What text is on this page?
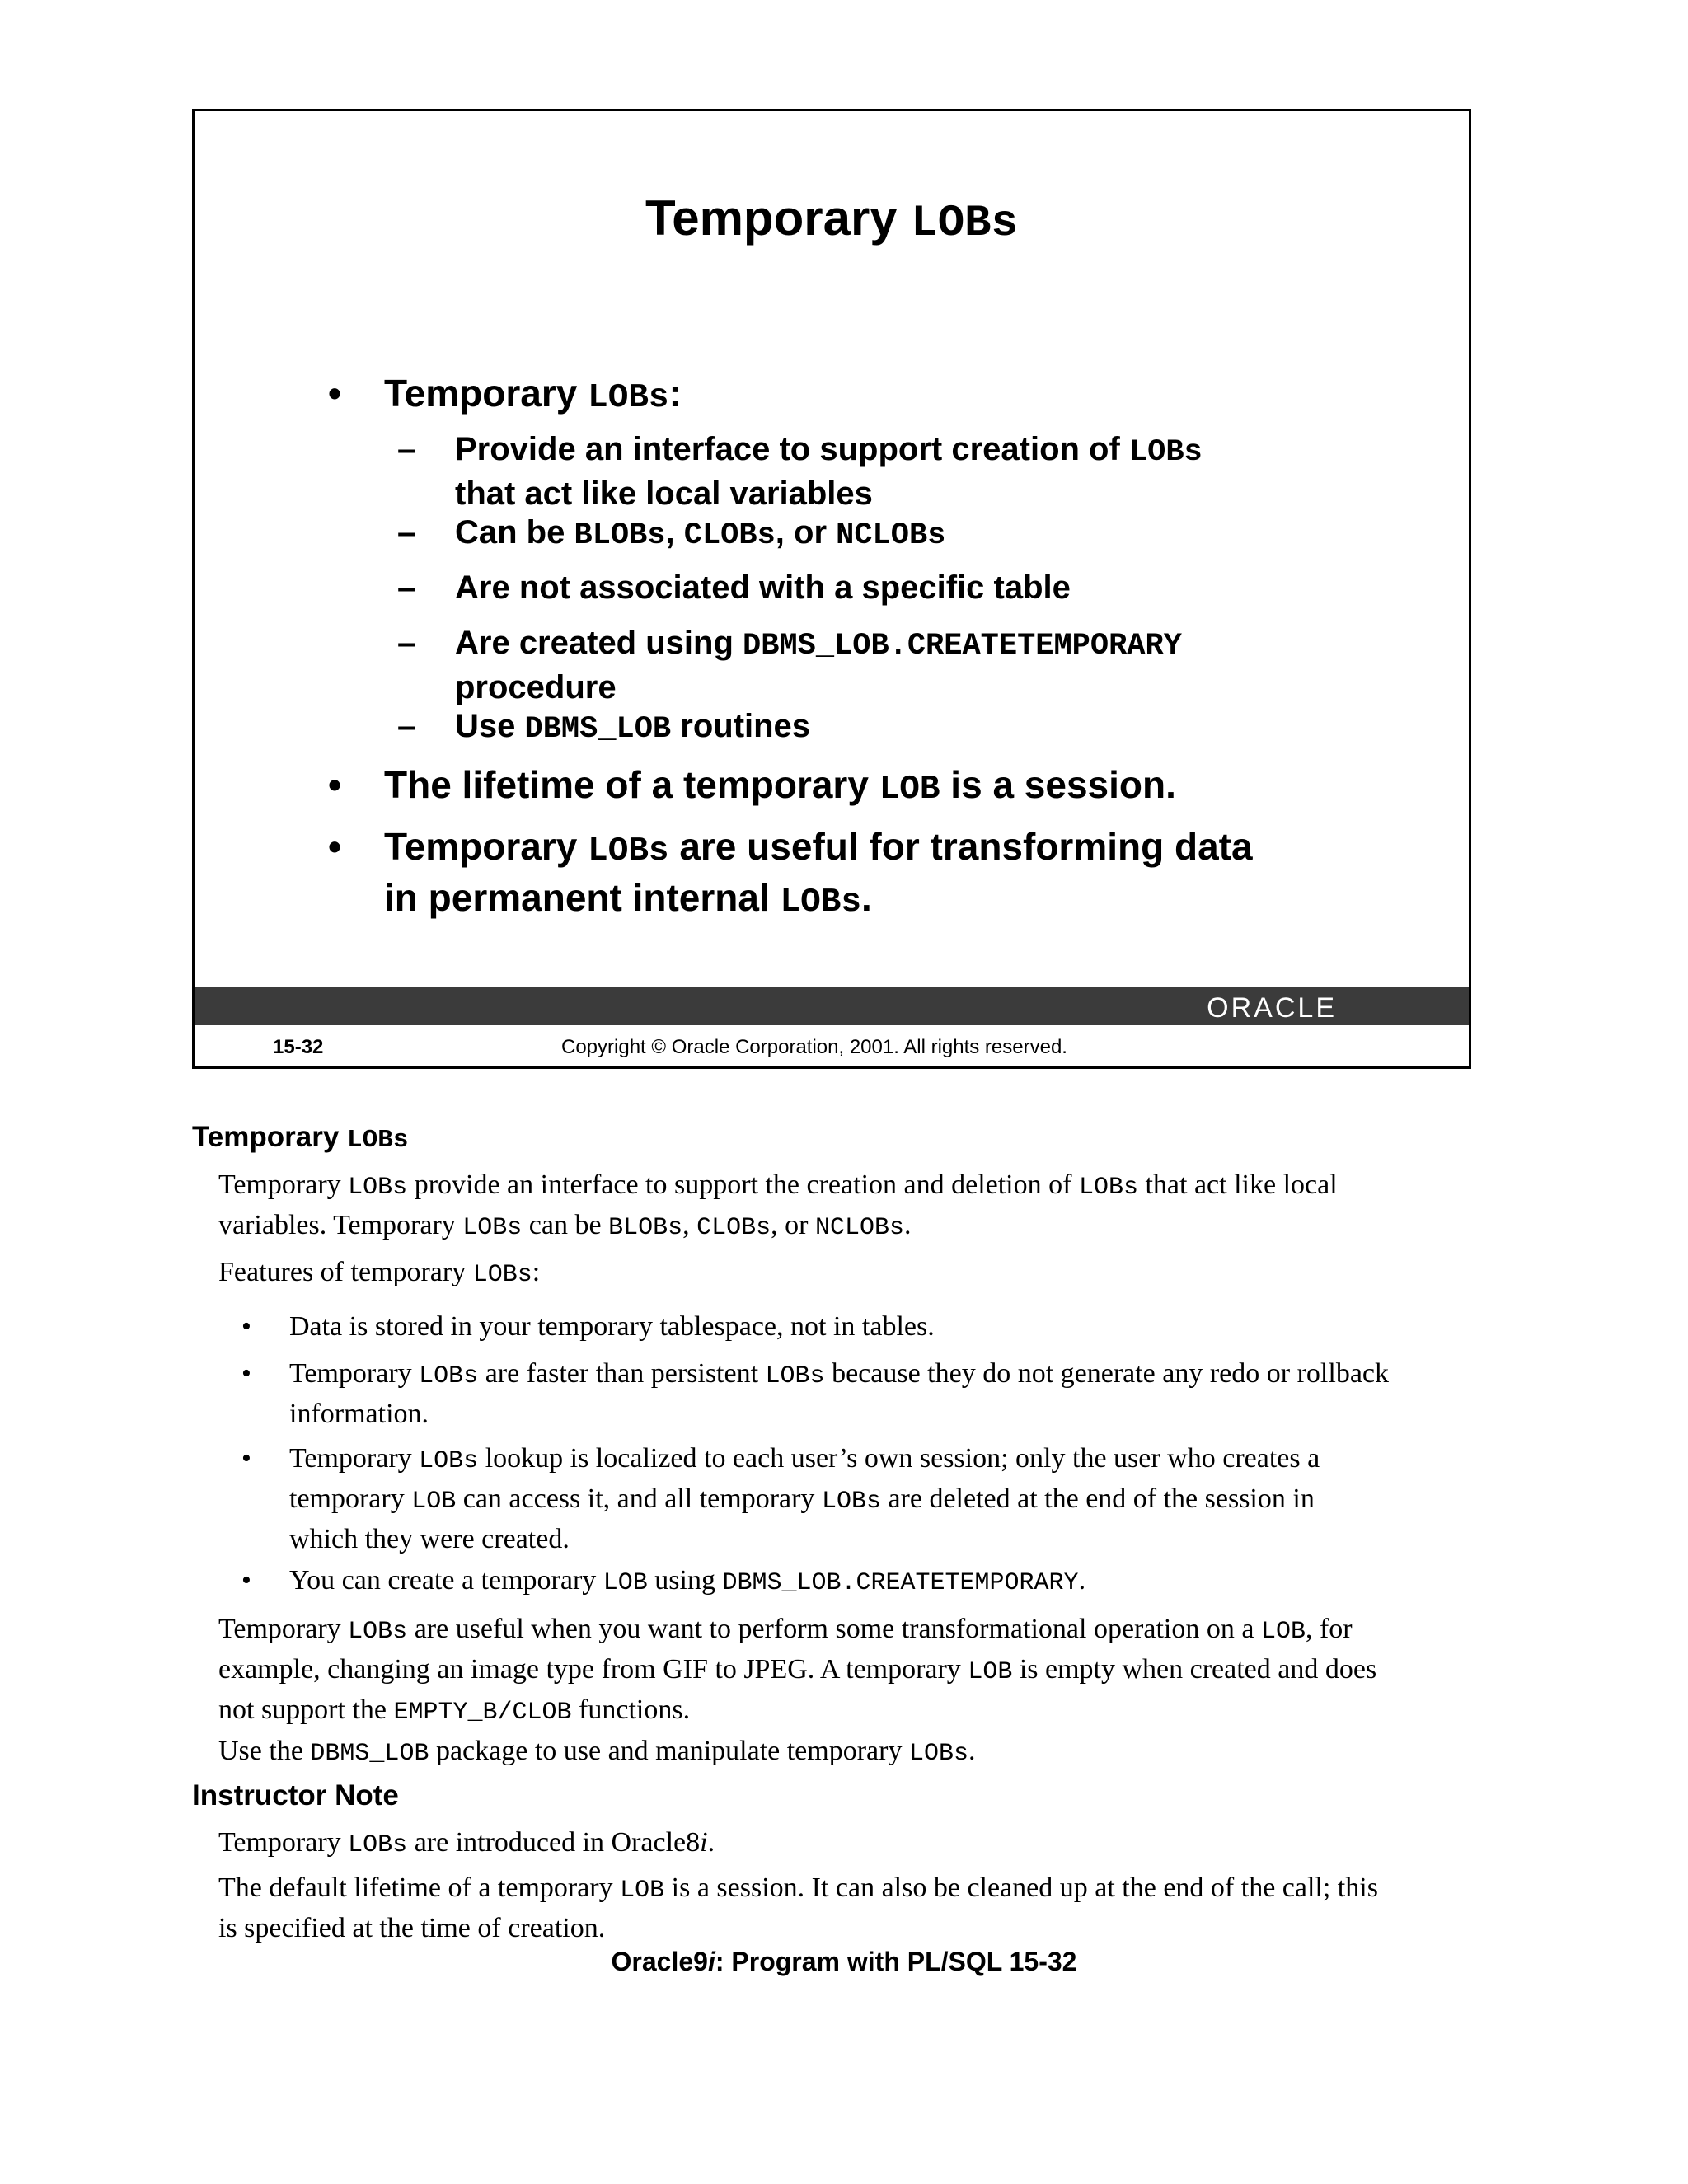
Temporary LOBs
• Temporary LOBs:
– Provide an interface to support creation of LOBs
that act like local variables
– Can be BLOBs, CLOBs, or NCLOBs
– Are not associated with a specific table
– Are created using DBMS_LOB.CREATETEMPORARY
procedure
– Use DBMS_LOB routines
• The lifetime of a temporary LOB is a session.
• Temporary LOBs are useful for transforming data
in permanent internal LOBs.
ORACLE
15-32	Copyright © Oracle Corporation, 2001. All rights reserved.
Temporary LOBs
Temporary LOBs provide an interface to support the creation and deletion of LOBs that act like local
variables. Temporary LOBs can be BLOBs, CLOBs, or NCLOBs.
Features of temporary LOBs:
• Data is stored in your temporary tablespace, not in tables.
• Temporary LOBs are faster than persistent LOBs because they do not generate any redo or rollback
information.
• Temporary LOBs lookup is localized to each user’s own session; only the user who creates a
temporary LOB can access it, and all temporary LOBs are deleted at the end of the session in
which they were created.
• You can create a temporary LOB using DBMS_LOB.CREATETEMPORARY.
Temporary LOBs are useful when you want to perform some transformational operation on a LOB, for
example, changing an image type from GIF to JPEG. A temporary LOB is empty when created and does
not support the EMPTY_B/CLOB functions.
Use the DBMS_LOB package to use and manipulate temporary LOBs.
Instructor Note
Temporary LOBs are introduced in Oracle8i.
The default lifetime of a temporary LOB is a session. It can also be cleaned up at the end of the call; this
is specified at the time of creation.
Oracle9i: Program with PL/SQL 15-32
